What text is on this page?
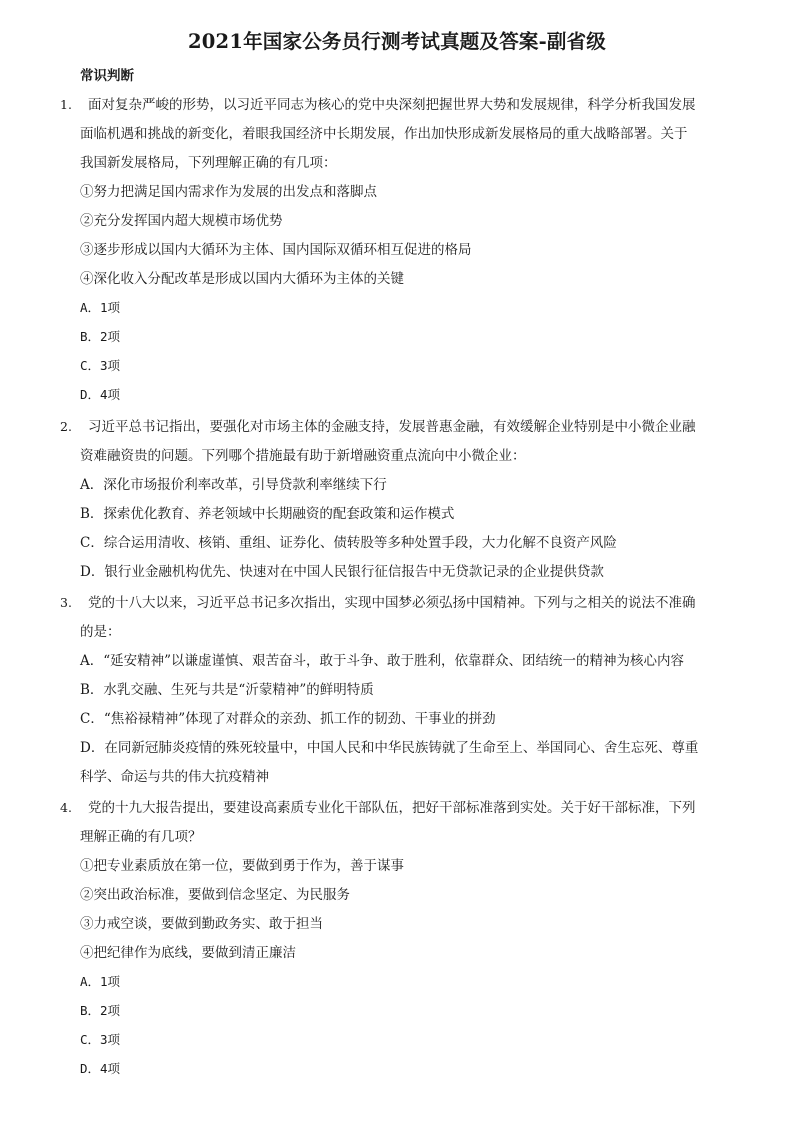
2021年国家公务员行测考试真题及答案-副省级
常识判断
1. 面对复杂严峻的形势，以习近平同志为核心的党中央深刻把握世界大势和发展规律，科学分析我国发展
面临机遇和挑战的新变化，着眼我国经济中长期发展，作出加快形成新发展格局的重大战略部署。关于
我国新发展格局，下列理解正确的有几项：
①努力把满足国内需求作为发展的出发点和落脚点
②充分发挥国内超大规模市场优势
③逐步形成以国内大循环为主体、国内国际双循环相互促进的格局
④深化收入分配改革是形成以国内大循环为主体的关键
A．1项
B．2项
C．3项
D．4项
2. 习近平总书记指出，要强化对市场主体的金融支持，发展普惠金融，有效缓解企业特别是中小微企业融
资难融资贵的问题。下列哪个措施最有助于新增融资重点流向中小微企业：
A．深化市场报价利率改革，引导贷款利率继续下行
B．探索优化教育、养老领域中长期融资的配套政策和运作模式
C．综合运用清收、核销、重组、证券化、债转股等多种处置手段，大力化解不良资产风险
D．银行业金融机构优先、快速对在中国人民银行征信报告中无贷款记录的企业提供贷款
3. 党的十八大以来，习近平总书记多次指出，实现中国梦必须弘扬中国精神。下列与之相关的说法不准确
的是：
A．“延安精神”以谦虚谨慎、艰苦奋斗，敢于斗争、敢于胜利，依靠群众、团结统一的精神为核心内容
B．水乳交融、生死与共是“沂蒙精神”的鲜明特质
C．“焦裕禄精神”体现了对群众的亲劲、抓工作的韧劲、干事业的拼劲
D．在同新冠肺炎疫情的殊死较量中，中国人民和中华民族铸就了生命至上、举国同心、舍生忘死、尊重
科学、命运与共的伟大抗疫精神
4. 党的十九大报告提出，要建设高素质专业化干部队伍，把好干部标准落到实处。关于好干部标准，下列
理解正确的有几项？
①把专业素质放在第一位，要做到勇于作为，善于谋事
②突出政治标准，要做到信念坚定、为民服务
③力戒空谈，要做到勤政务实、敢于担当
④把纪律作为底线，要做到清正廉洁
A．1项
B．2项
C．3项
D．4项
